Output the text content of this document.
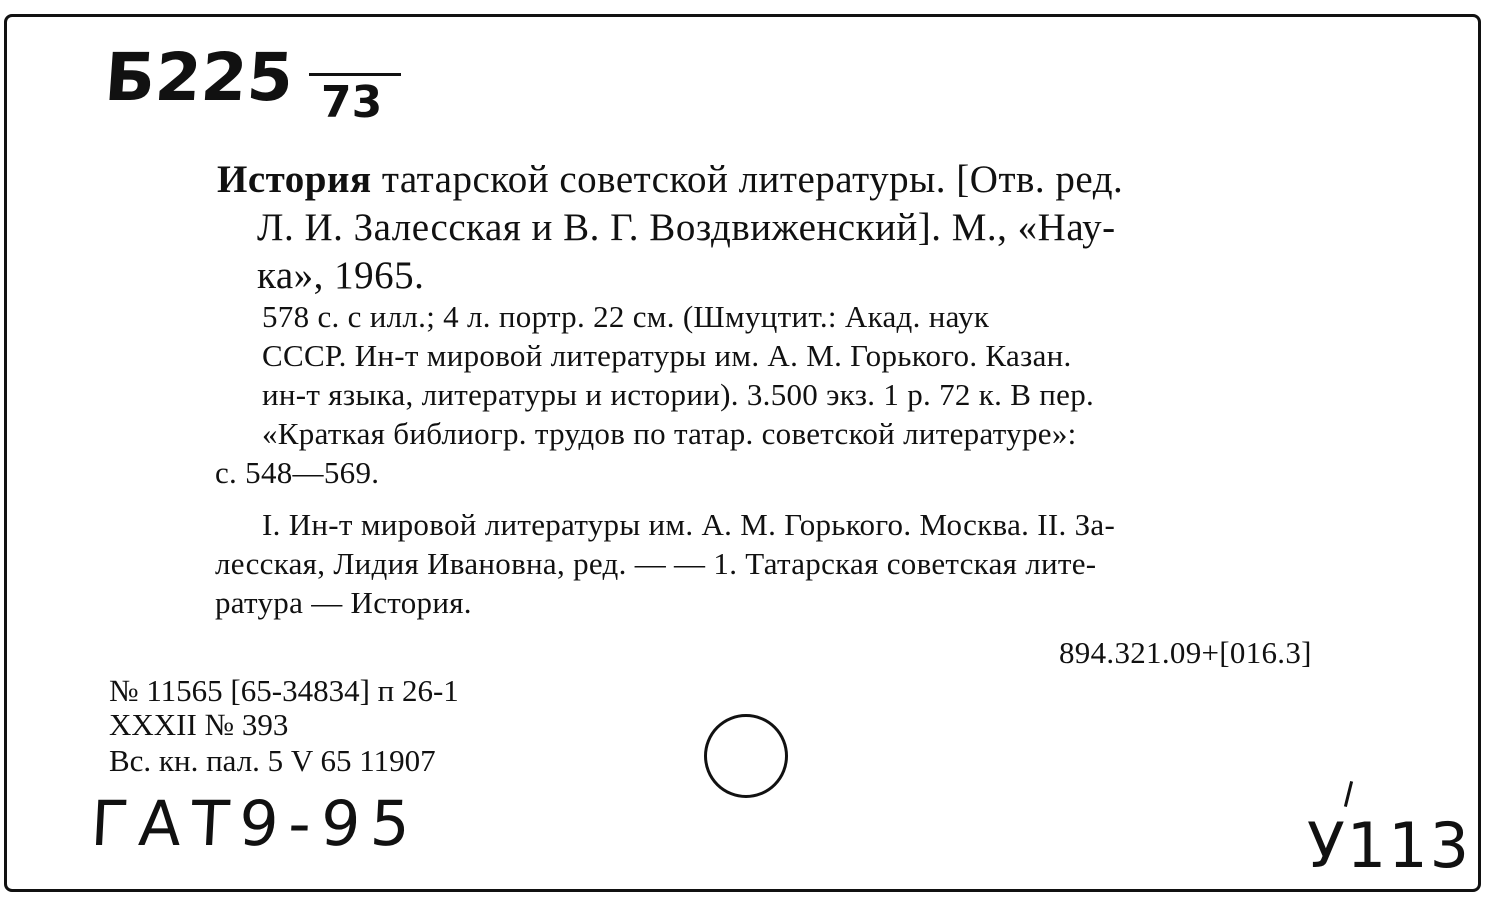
Б225 73
История татарской советской литературы. [Отв. ред.
Л. И. Залесская и В. Г. Воздвиженский]. М., «Нау-
ка», 1965.
578 с. с илл.; 4 л. портр. 22 см. (Шмуцтит.: Акад. наук
СССР. Ин-т мировой литературы им. А. М. Горького. Казан.
ин-т языка, литературы и истории). 3.500 экз. 1 р. 72 к. В пер.
«Краткая библиогр. трудов по татар. советской литературе»:
с. 548—569.
I. Ин-т мировой литературы им. А. М. Горького. Москва. II. За-
лесская, Лидия Ивановна, ред. — — 1. Татарская советская лите-
ратура — История.
894.321.09+[016.3]
№ 11565 [65-34834] п 26-1
XXXII № 393
Вс. кн. пал. 5 V 65 11907
ГАТ9-95	У113
